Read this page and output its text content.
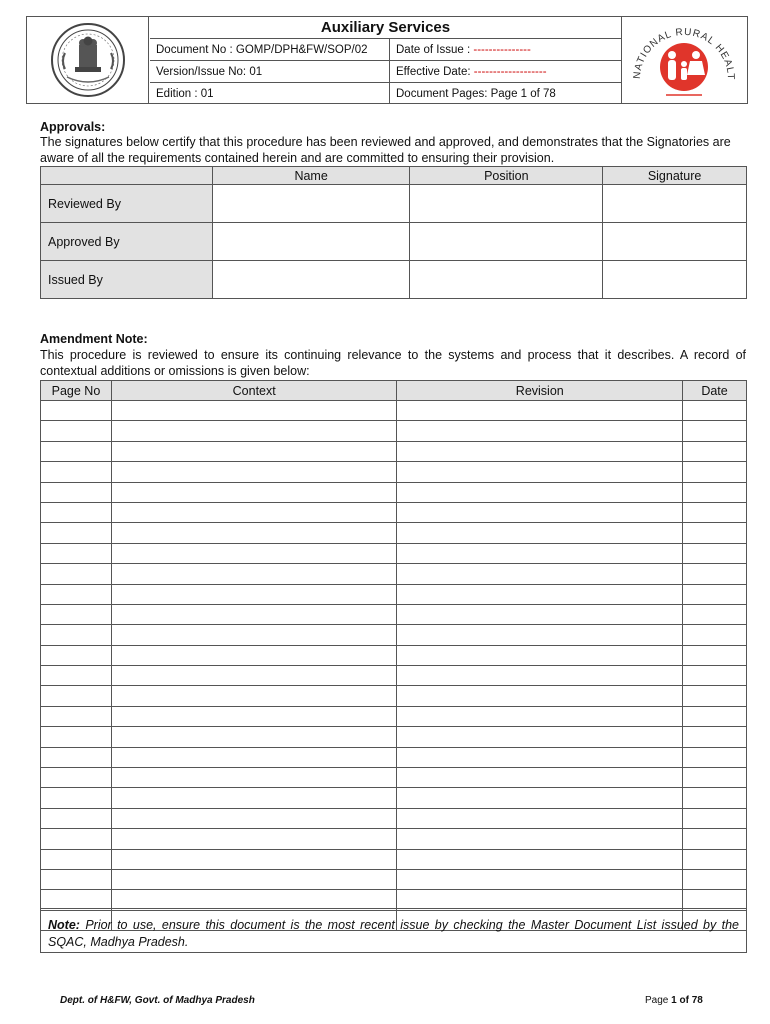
Auxiliary Services
Document No : GOMP/DPH&FW/SOP/02	Date of Issue : ---------------
Version/Issue No: 01	Effective Date: -------------------
Edition : 01	Document Pages: Page 1 of 78
NATIONAL RURAL HEALT
Approvals:
The signatures below certify that this procedure has been reviewed and approved, and demonstrates that the Signatories are aware of all the requirements contained herein and are committed to ensuring their provision.
	Name	Position	Signature
Reviewed By			
Approved By			
Issued By			
Amendment Note:
This procedure is reviewed to ensure its continuing relevance to the systems and process that it describes. A record of contextual additions or omissions is given below:
Page No	Context	Revision	Date

Note: Prior to use, ensure this document is the most recent issue by checking the Master Document List issued by the SQAC, Madhya Pradesh.
Dept. of H&FW, Govt. of Madhya Pradesh	Page 1 of 78
